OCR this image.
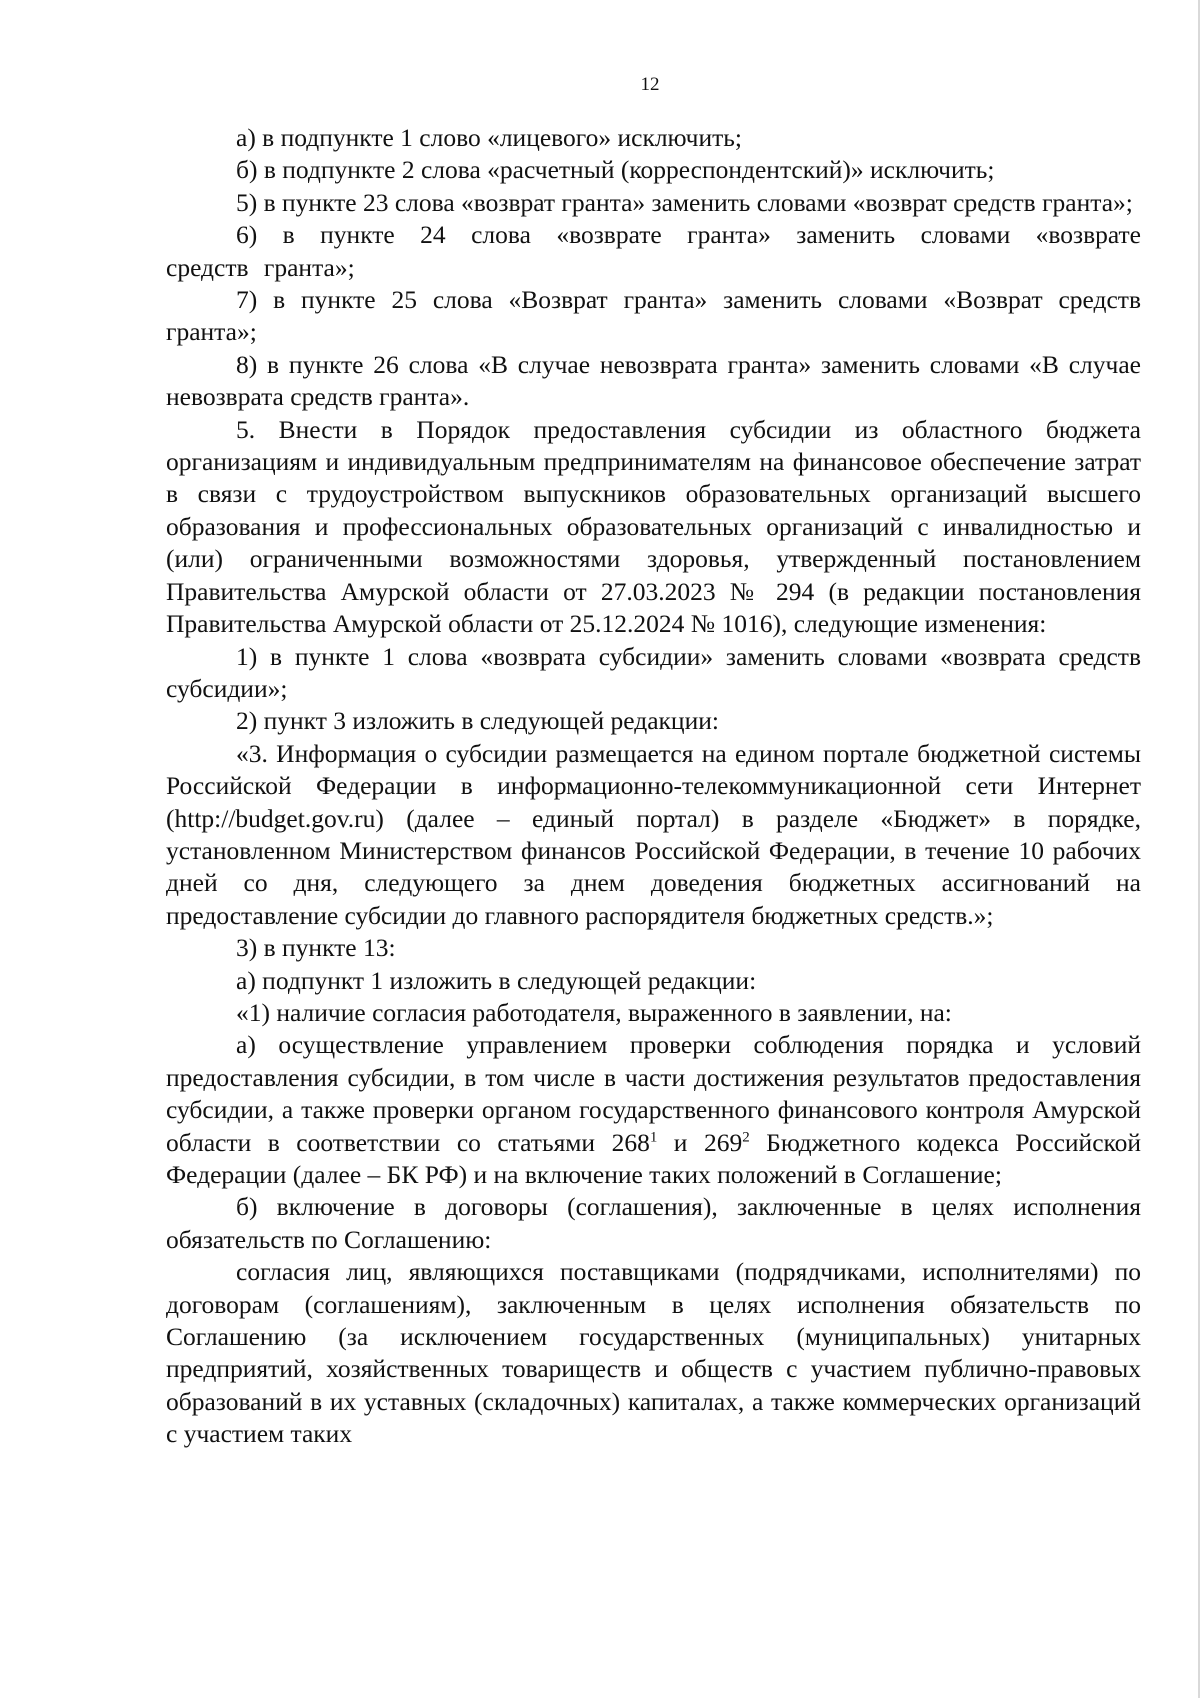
12

а) в подпункте 1 слово «лицевого» исключить;

б) в подпункте 2 слова «расчетный (корреспондентский)» исключить;

5) в пункте 23 слова «возврат гранта» заменить словами «возврат средств гранта»;

6) в пункте 24 слова «возврате гранта» заменить словами «возврате средств гранта»;

7) в пункте 25 слова «Возврат гранта» заменить словами «Возврат средств гранта»;

8) в пункте 26 слова «В случае невозврата гранта» заменить словами «В случае невозврата средств гранта».

5. Внести в Порядок предоставления субсидии из областного бюджета организациям и индивидуальным предпринимателям на финансовое обеспечение затрат в связи с трудоустройством выпускников образовательных организаций высшего образования и профессиональных образовательных организаций с инвалидностью и (или) ограниченными возможностями здоровья, утвержденный постановлением Правительства Амурской области от 27.03.2023 № 294 (в редакции постановления Правительства Амурской области от 25.12.2024 № 1016), следующие изменения:

1) в пункте 1 слова «возврата субсидии» заменить словами «возврата средств субсидии»;

2) пункт 3 изложить в следующей редакции:

«3. Информация о субсидии размещается на едином портале бюджетной системы Российской Федерации в информационно-телекоммуникационной сети Интернет (http://budget.gov.ru) (далее – единый портал) в разделе «Бюджет» в порядке, установленном Министерством финансов Российской Федерации, в течение 10 рабочих дней со дня, следующего за днем доведения бюджетных ассигнований на предоставление субсидии до главного распорядителя бюджетных средств.»;

3) в пункте 13:

а) подпункт 1 изложить в следующей редакции:

«1) наличие согласия работодателя, выраженного в заявлении, на:

а) осуществление управлением проверки соблюдения порядка и условий предоставления субсидии, в том числе в части достижения результатов предоставления субсидии, а также проверки органом государственного финансового контроля Амурской области в соответствии со статьями $268^1$ и $269^2$ Бюджетного кодекса Российской Федерации (далее – БК РФ) и на включение таких положений в Соглашение;

б) включение в договоры (соглашения), заключенные в целях исполнения обязательств по Соглашению:

согласия лиц, являющихся поставщиками (подрядчиками, исполнителями) по договорам (соглашениям), заключенным в целях исполнения обязательств по Соглашению (за исключением государственных (муниципальных) унитарных предприятий, хозяйственных товариществ и обществ с участием публично-правовых образований в их уставных (складочных) капиталах, а также коммерческих организаций с участием таких
